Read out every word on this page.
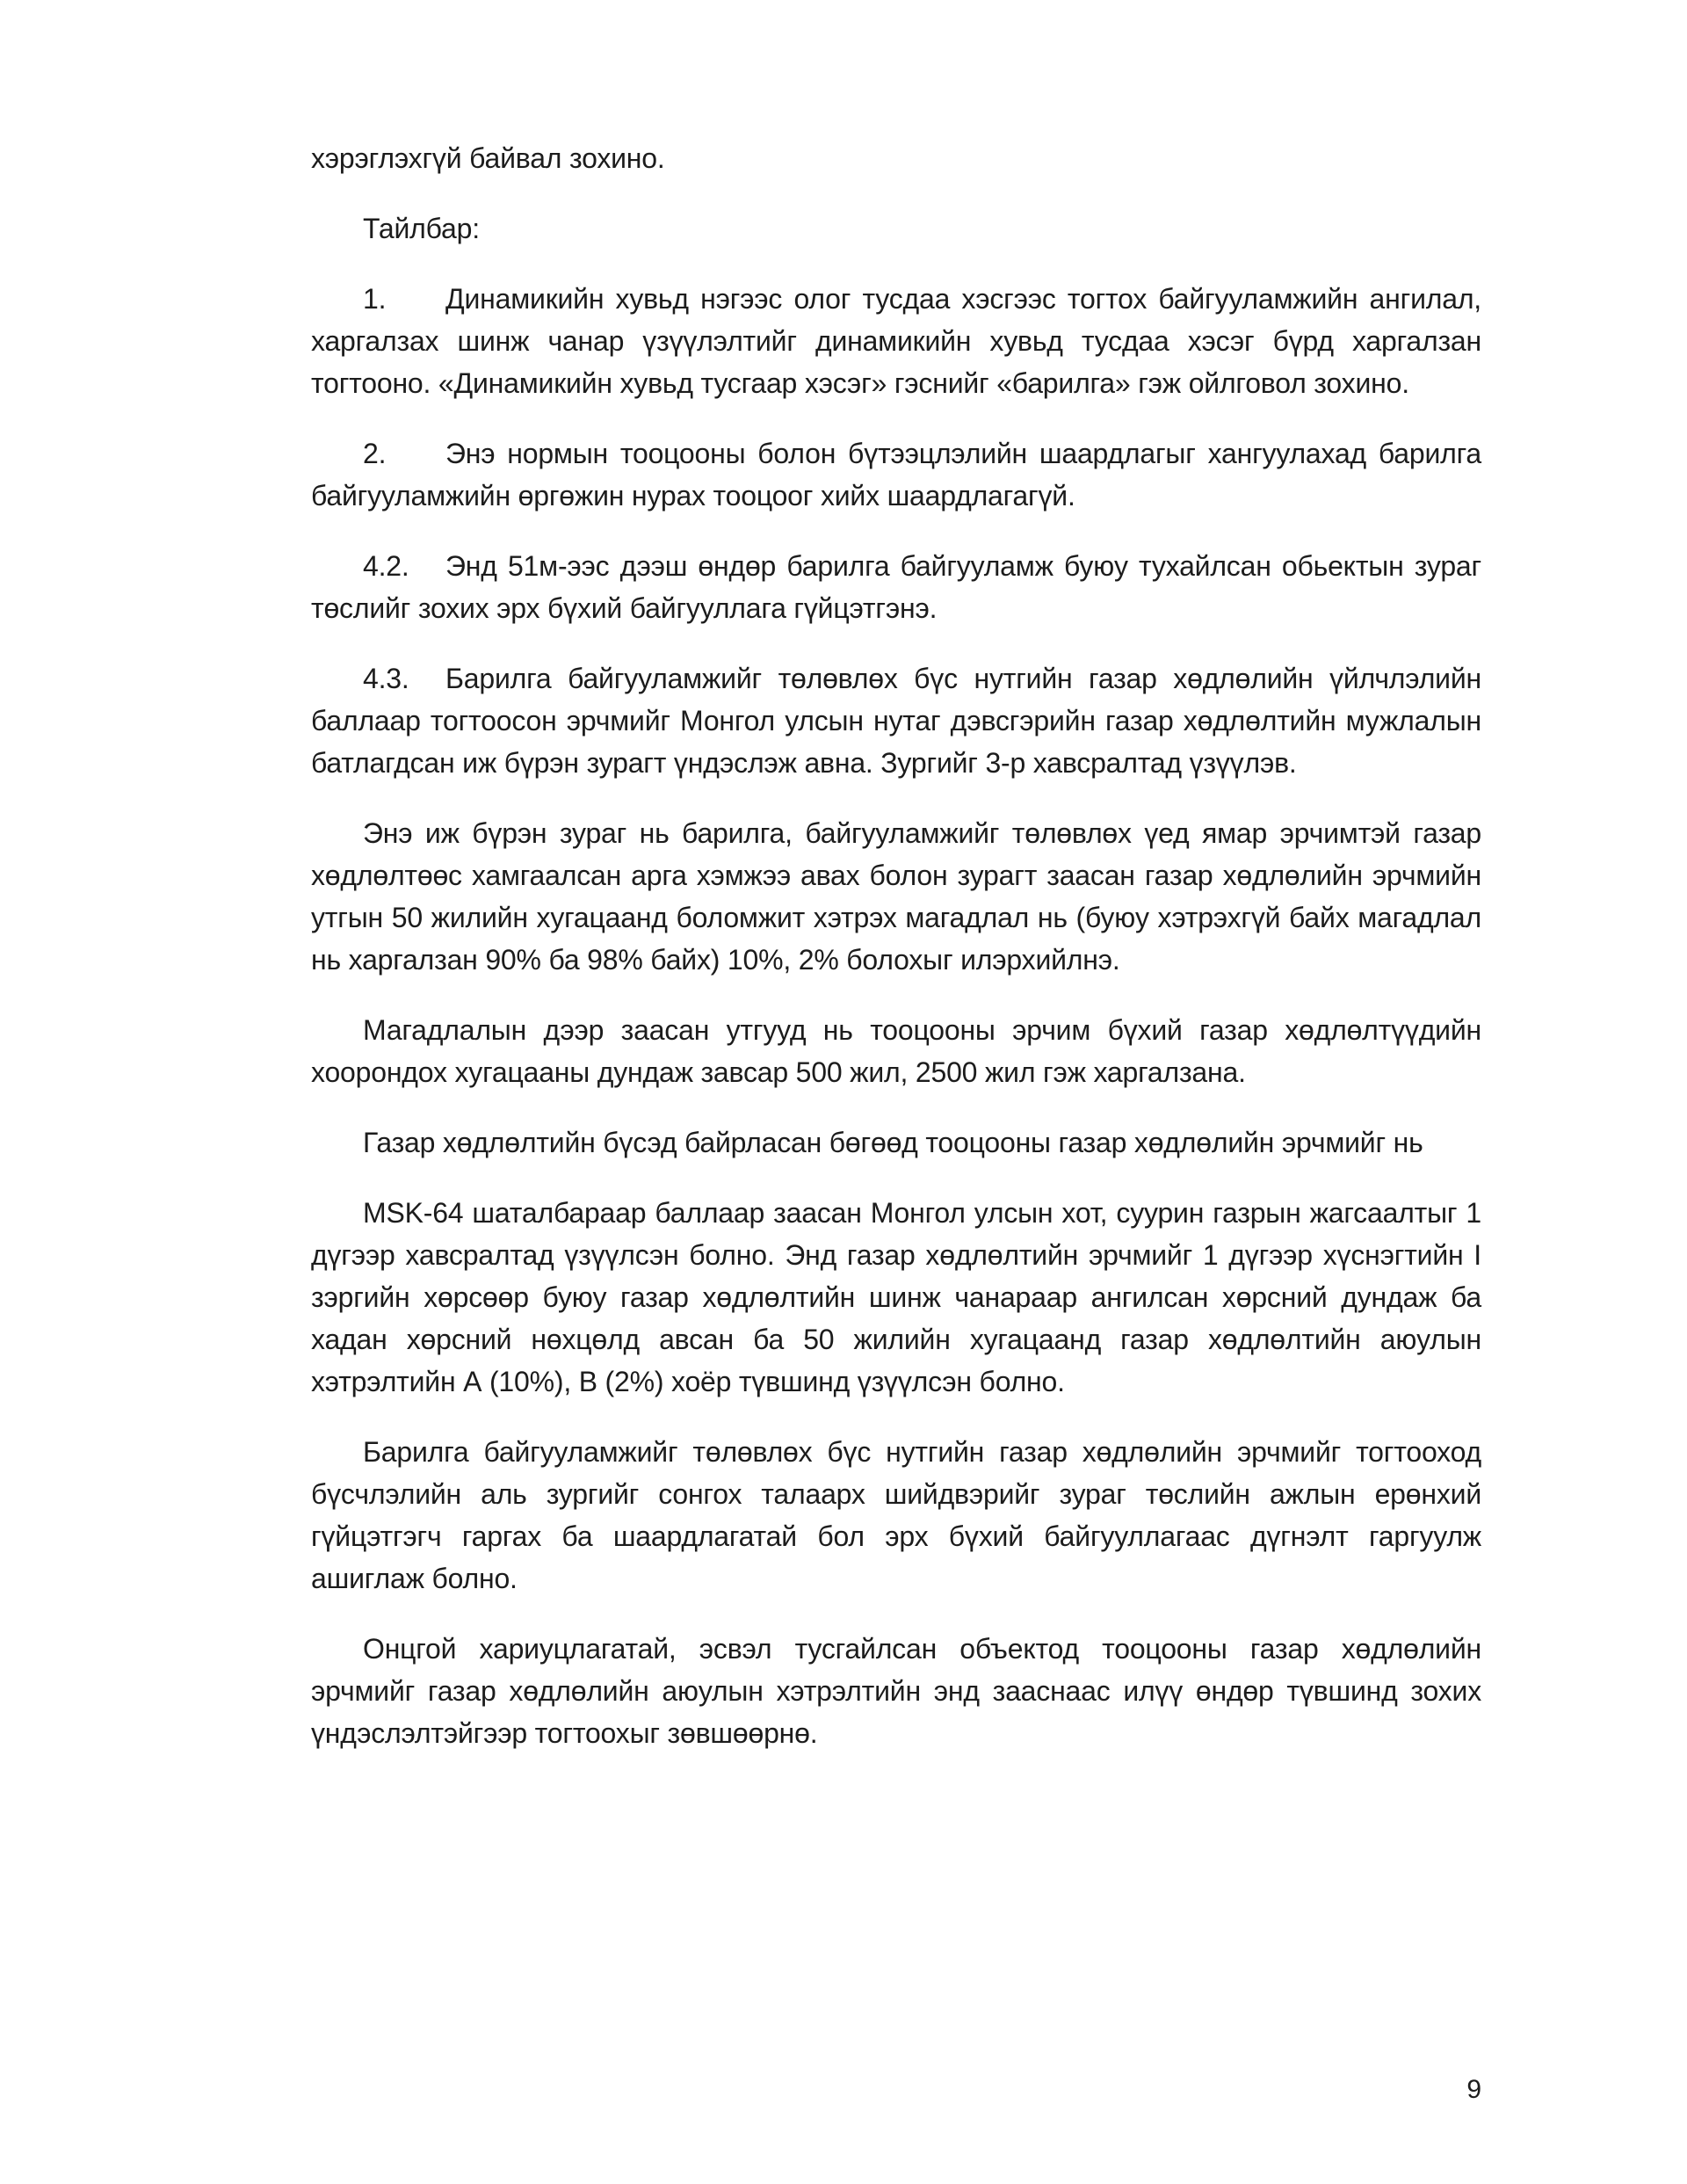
хэрэглэхгүй байвал зохино.

Тайлбар:

1. Динамикийн хувьд нэгээс олог тусдаа хэсгээс тогтох байгууламжийн ангилал, харгалзах шинж чанар үзүүлэлтийг динамикийн хувьд тусдаа хэсэг бүрд харгалзан тогтооно. «Динамикийн хувьд тусгаар хэсэг» гэснийг «барилга» гэж ойлговол зохино.

2. Энэ нормын тооцооны болон бүтээцлэлийн шаардлагыг хангуулахад барилга байгууламжийн өргөжин нурах тооцоог хийх шаардлагагүй.

4.2. Энд 51м-ээс дээш өндөр барилга байгууламж буюу тухайлсан обьектын зураг төслийг зохих эрх бүхий байгууллага гүйцэтгэнэ.

4.3. Барилга байгууламжийг төлөвлөх бүс нутгийн газар хөдлөлийн үйлчлэлийн баллаар тогтоосон эрчмийг Монгол улсын нутаг дэвсгэрийн газар хөдлөлтийн мужлалын батлагдсан иж бүрэн зурагт үндэслэж авна. Зургийг 3-р хавсралтад үзүүлэв.

Энэ иж бүрэн зураг нь барилга, байгууламжийг төлөвлөх үед ямар эрчимтэй газар хөдлөлтөөс хамгаалсан арга хэмжээ авах болон зурагт заасан газар хөдлөлийн эрчмийн утгын 50 жилийн хугацаанд боломжит хэтрэх магадлал нь (буюу хэтрэхгүй байх магадлал нь харгалзан 90% ба 98% байх) 10%, 2% болохыг илэрхийлнэ.

Магадлалын дээр заасан утгууд нь тооцооны эрчим бүхий газар хөдлөлтүүдийн хоорондох хугацааны дундаж завсар 500 жил, 2500 жил гэж харгалзана.

Газар хөдлөлтийн бүсэд байрласан бөгөөд тооцооны газар хөдлөлийн эрчмийг нь

MSK-64 шаталбараар баллаар заасан Монгол улсын хот, суурин газрын жагсаалтыг 1 дүгээр хавсралтад үзүүлсэн болно. Энд газар хөдлөлтийн эрчмийг 1 дүгээр хүснэгтийн I зэргийн хөрсөөр буюу газар хөдлөлтийн шинж чанараар ангилсан хөрсний дундаж ба хадан хөрсний нөхцөлд авсан ба 50 жилийн хугацаанд газар хөдлөлтийн аюулын хэтрэлтийн А (10%), В (2%) хоёр түвшинд үзүүлсэн болно.

Барилга байгууламжийг төлөвлөх бүс нутгийн газар хөдлөлийн эрчмийг тогтооход бүсчлэлийн аль зургийг сонгох талаарх шийдвэрийг зураг төслийн ажлын ерөнхий гүйцэтгэгч гаргах ба шаардлагатай бол эрх бүхий байгууллагаас дүгнэлт гаргуулж ашиглаж болно.

Онцгой хариуцлагатай, эсвэл тусгайлсан объектод тооцооны газар хөдлөлийн эрчмийг газар хөдлөлийн аюулын хэтрэлтийн энд зааснаас илүү өндөр түвшинд зохих үндэслэлтэйгээр тогтоохыг зөвшөөрнө.

9
